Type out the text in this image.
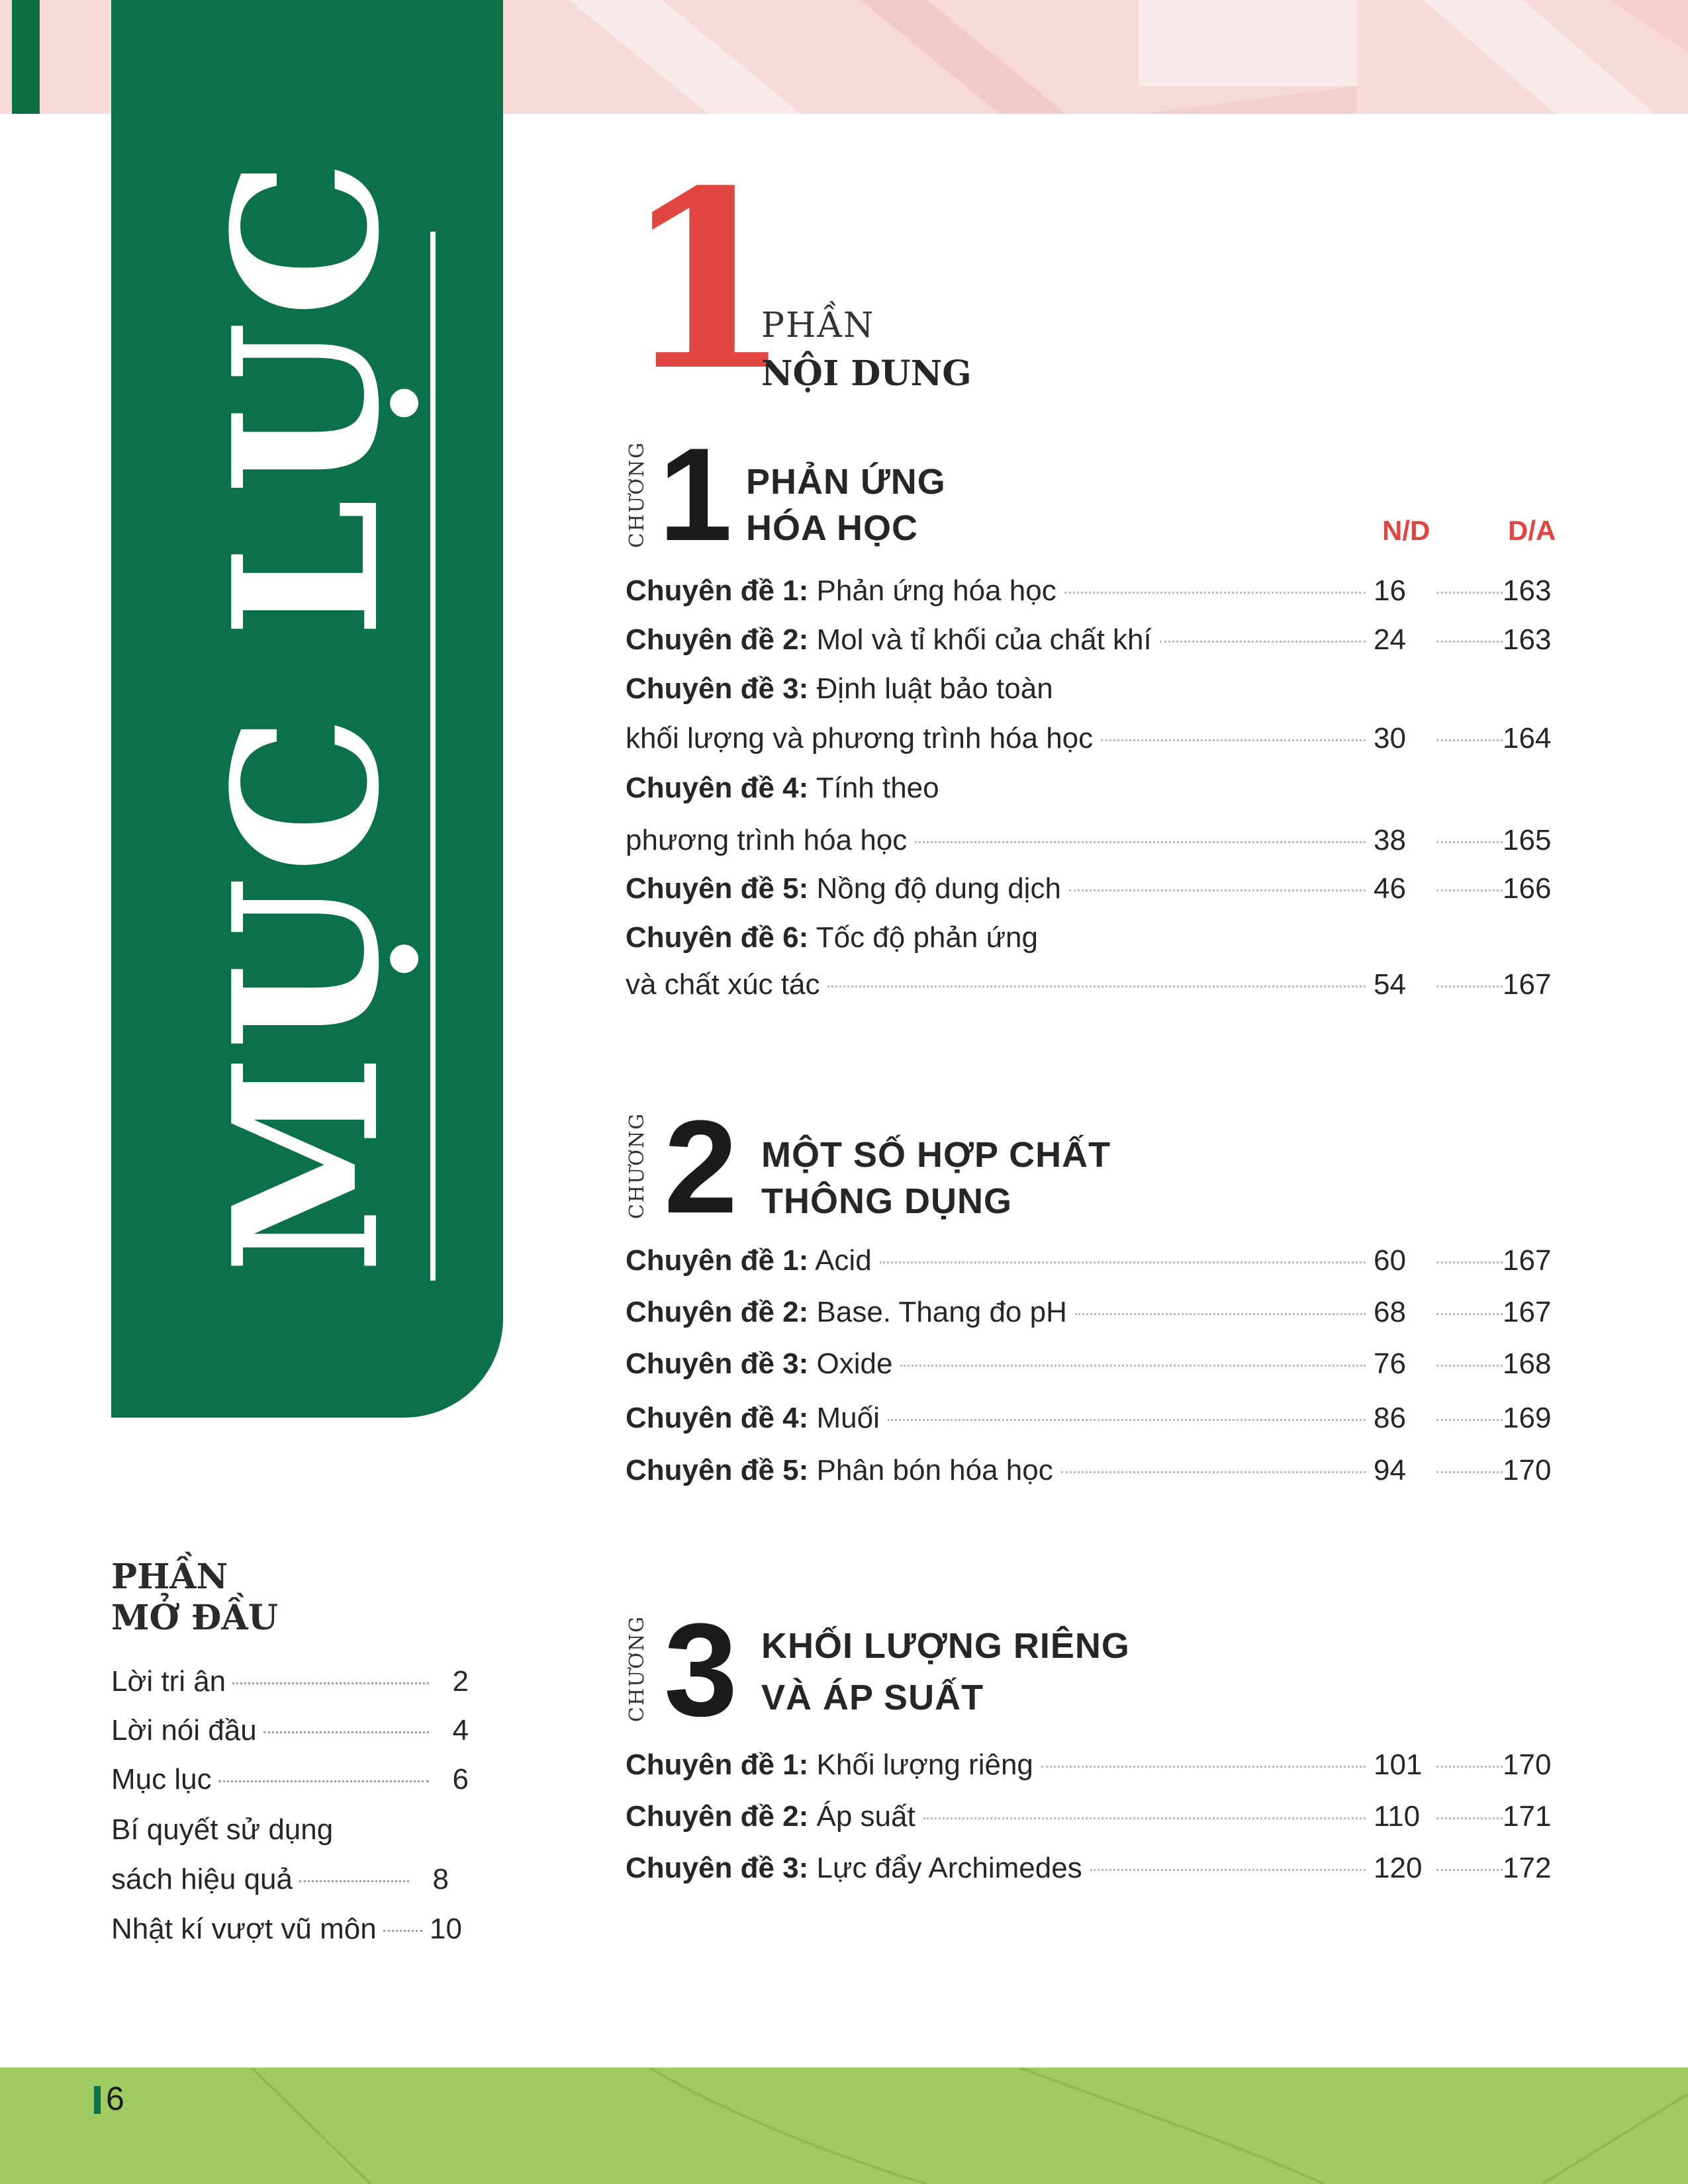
MỤC LỤC
PHẦN
MỞ ĐẦU
Lời tri ân	2
Lời nói đầu	4
Mục lục	6
Bí quyết sử dụng
sách hiệu quả	8
Nhật kí vượt vũ môn 10
1
PHẦN
NỘI DUNG
N/D	D/A
CHƯƠNG 1 PHẢN ỨNG
HÓA HỌC
Chuyên đề 1: Phản ứng hóa học	16	163
Chuyên đề 2: Mol và tỉ khối của chất khí	24	163
Chuyên đề 3: Định luật bảo toàn
khối lượng và phương trình hóa học	30	164
Chuyên đề 4: Tính theo
phương trình hóa học	38	165
Chuyên đề 5: Nồng độ dung dịch	46	166
Chuyên đề 6: Tốc độ phản ứng
và chất xúc tác	54	167
CHƯƠNG 2 MỘT SỐ HỢP CHẤT
THÔNG DỤNG
Chuyên đề 1: Acid	60	167
Chuyên đề 2: Base. Thang đo pH	68	167
Chuyên đề 3: Oxide	76	168
Chuyên đề 4: Muối	86	169
Chuyên đề 5: Phân bón hóa học	94	170
CHƯƠNG 3 KHỐI LƯỢNG RIÊNG
VÀ ÁP SUẤT
Chuyên đề 1: Khối lượng riêng	101	170
Chuyên đề 2: Áp suất	110	171
Chuyên đề 3: Lực đẩy Archimedes	120	172
6
